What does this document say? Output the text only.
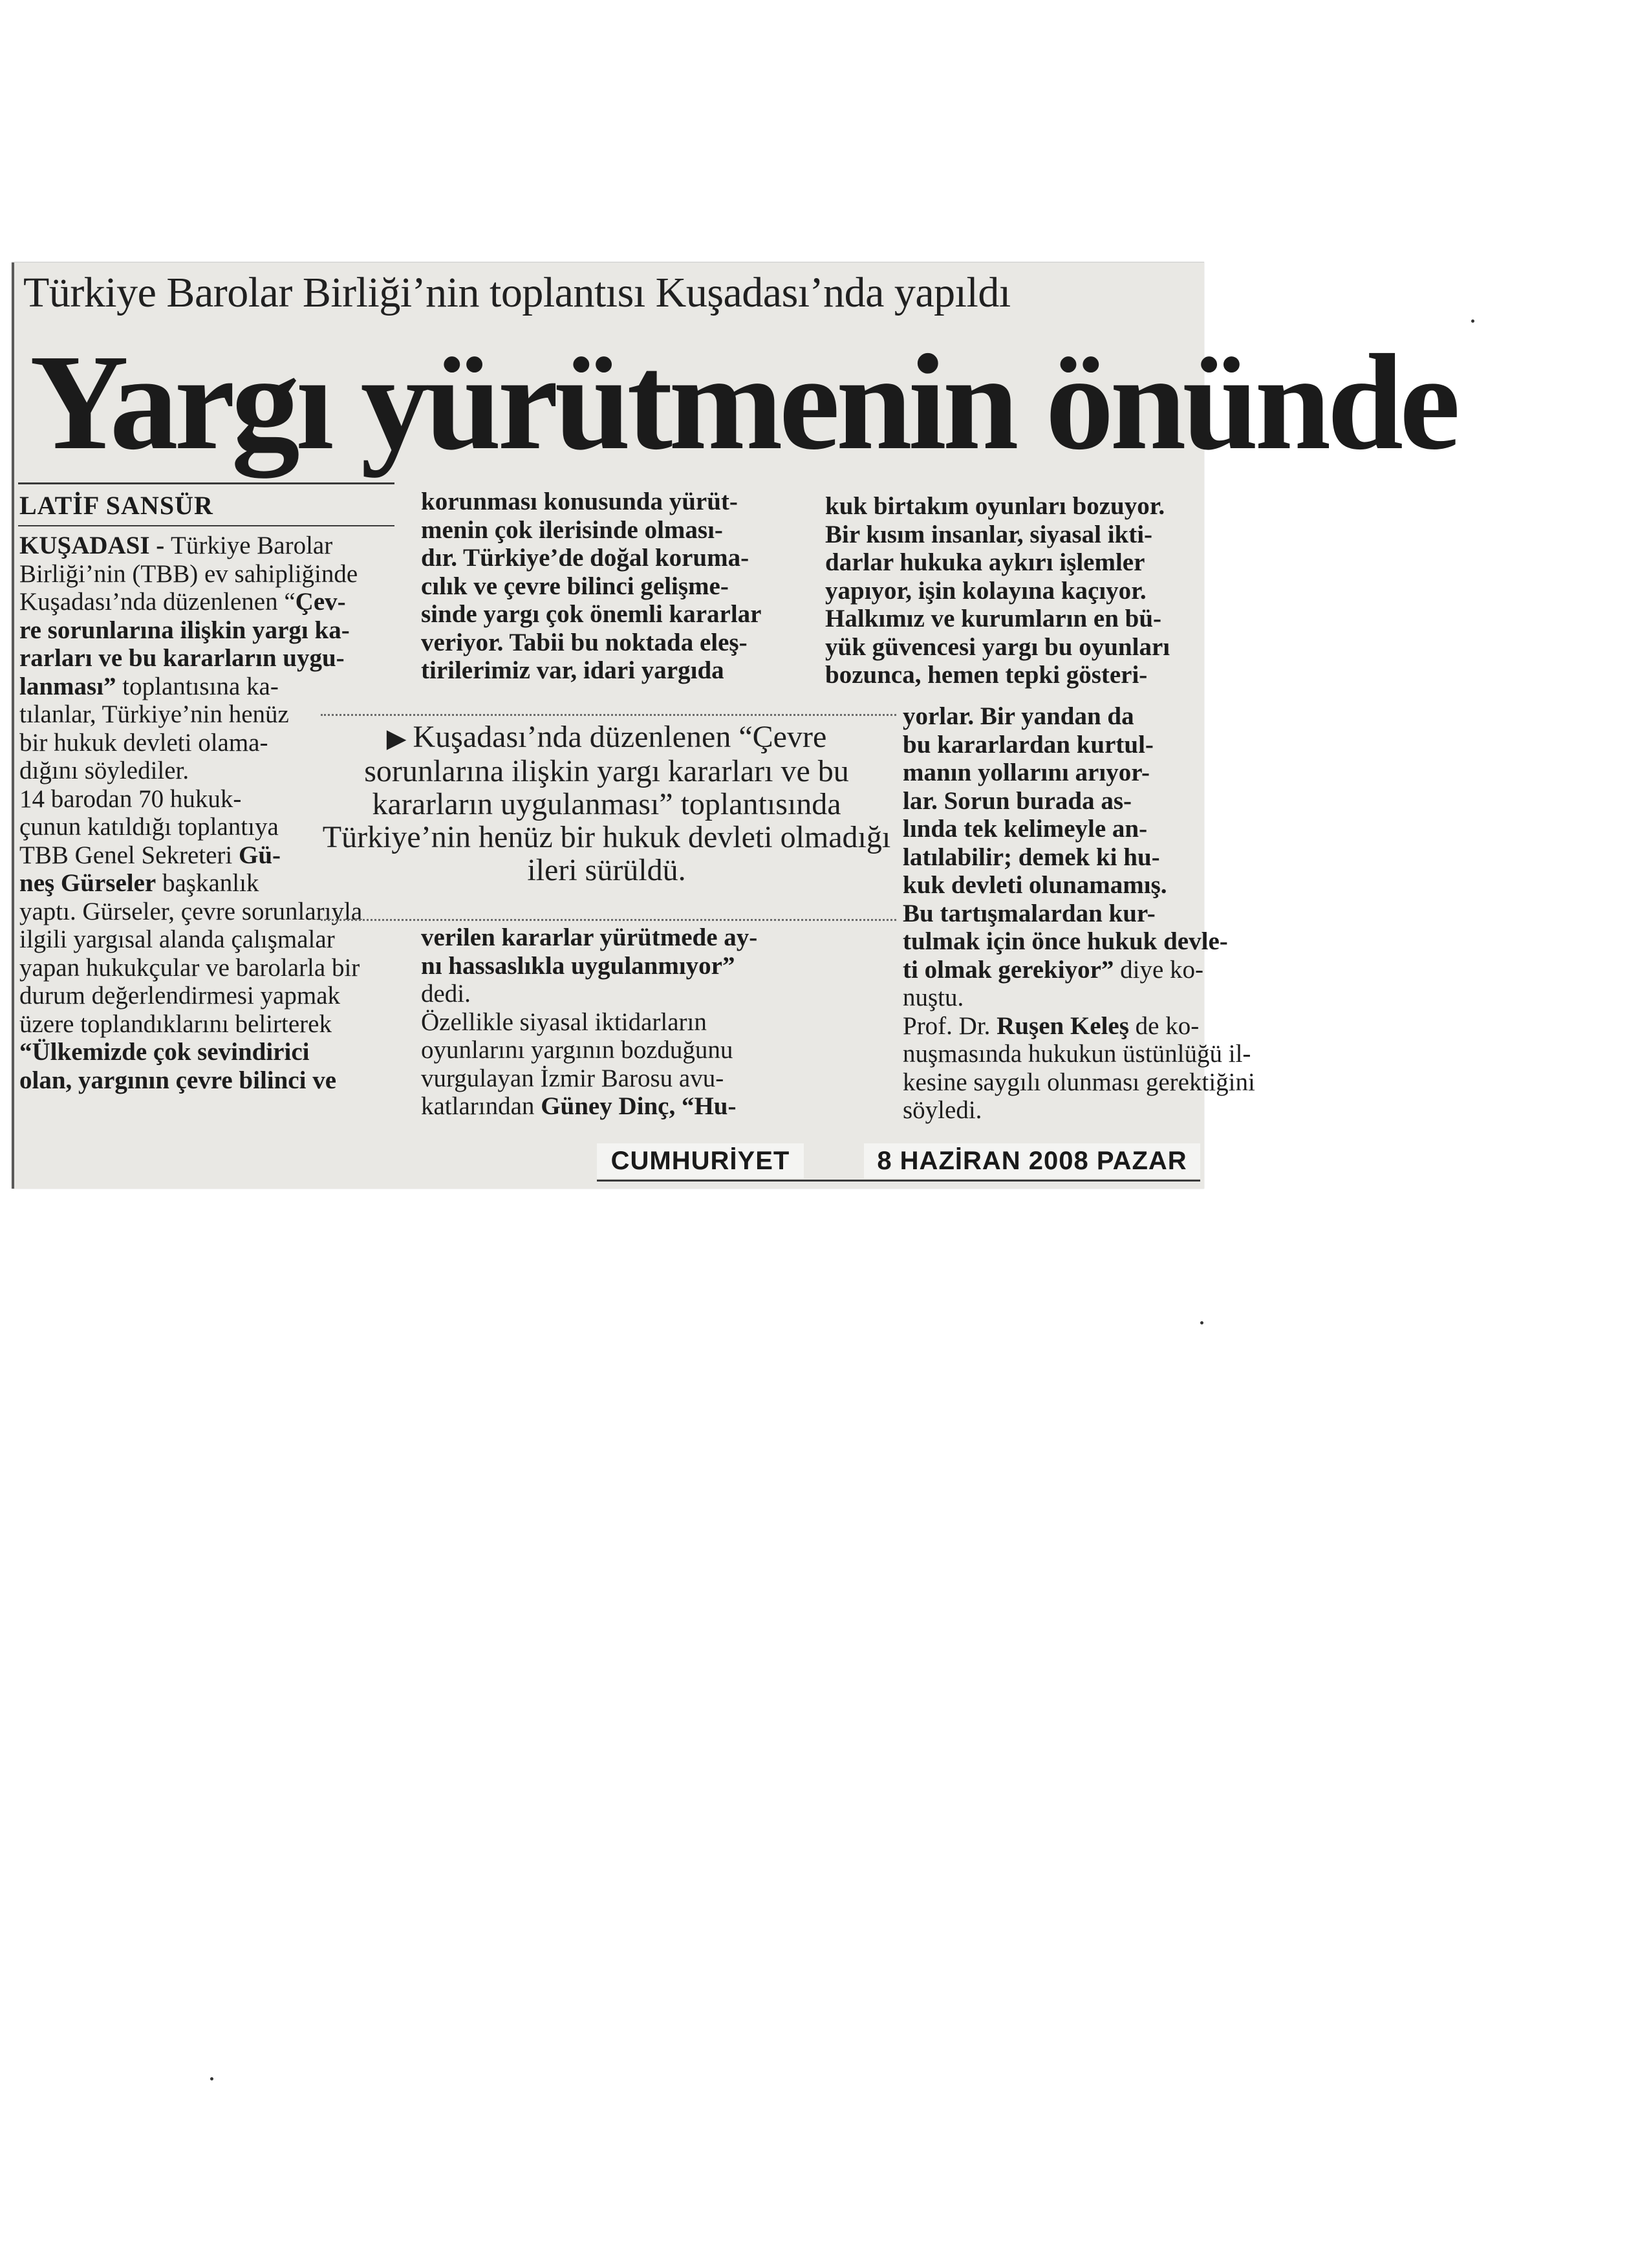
Türkiye Barolar Birliği’nin toplantısı Kuşadası’nda yapıldı
Yargı yürütmenin önünde
LATİF SANSÜR
KUŞADASI - Türkiye Barolar
Birliği’nin (TBB) ev sahipliğinde
Kuşadası’nda düzenlenen “Çev-
re sorunlarına ilişkin yargı ka-
rarları ve bu kararların uygu-
lanması” toplantısına ka-
tılanlar, Türkiye’nin henüz
bir hukuk devleti olama-
dığını söylediler.
14 barodan 70 hukuk-
çunun katıldığı toplantıya
TBB Genel Sekreteri Gü-
neş Gürseler başkanlık
yaptı. Gürseler, çevre sorunlarıyla
ilgili yargısal alanda çalışmalar
yapan hukukçular ve barolarla bir
durum değerlendirmesi yapmak
üzere toplandıklarını belirterek
“Ülkemizde çok sevindirici
olan, yargının çevre bilinci ve
korunması konusunda yürüt-
menin çok ilerisinde olması-
dır. Türkiye’de doğal koruma-
cılık ve çevre bilinci gelişme-
sinde yargı çok önemli kararlar
veriyor. Tabii bu noktada eleş-
tirilerimiz var, idari yargıda
kuk birtakım oyunları bozuyor.
Bir kısım insanlar, siyasal ikti-
darlar hukuka aykırı işlemler
yapıyor, işin kolayına kaçıyor.
Halkımız ve kurumların en bü-
yük güvencesi yargı bu oyunları
bozunca, hemen tepki gösteri-
▶ Kuşadası’nda düzenlenen “Çevre sorunlarına ilişkin yargı kararları ve bu kararların uygulanması” toplantısında Türkiye’nin henüz bir hukuk devleti olmadığı ileri sürüldü.
verilen kararlar yürütmede ay-
nı hassaslıkla uygulanmıyor”
dedi.
Özellikle siyasal iktidarların
oyunlarını yargının bozduğunu
vurgulayan İzmir Barosu avu-
katlarından Güney Dinç, “Hu-
yorlar. Bir yandan da
bu kararlardan kurtul-
manın yollarını arıyor-
lar. Sorun burada as-
lında tek kelimeyle an-
latılabilir; demek ki hu-
kuk devleti olunamamış.
Bu tartışmalardan kur-
tulmak için önce hukuk devle-
ti olmak gerekiyor” diye ko-
nuştu.
Prof. Dr. Ruşen Keleş de ko-
nuşmasında hukukun üstünlüğü il-
kesine saygılı olunması gerektiğini
söyledi.
CUMHURİYET	8 HAZİRAN 2008 PAZAR
